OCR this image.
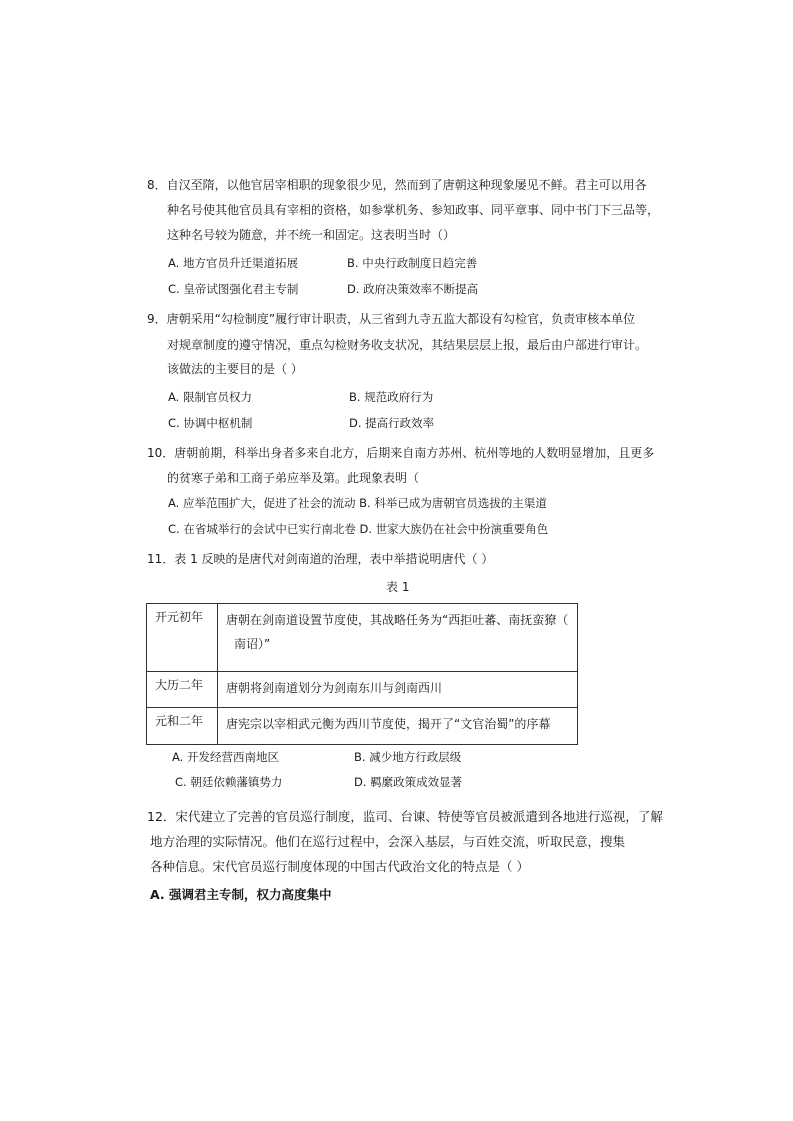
8．自汉至隋，以他官居宰相职的现象很少见，然而到了唐朝这种现象屡见不鲜。君主可以用各
种名号使其他官员具有宰相的资格，如参掌机务、参知政事、同平章事、同中书门下三品等，
这种名号较为随意，并不统一和固定。这表明当时（）
A. 地方官员升迁渠道拓展	B. 中央行政制度日趋完善
C. 皇帝试图强化君主专制	D. 政府决策效率不断提高
9．唐朝采用“勾检制度”履行审计职责，从三省到九寺五监大都设有勾检官，负责审核本单位
对规章制度的遵守情况，重点勾检财务收支状况，其结果层层上报，最后由户部进行审计。
该做法的主要目的是（ ）
A. 限制官员权力	B. 规范政府行为
C. 协调中枢机制	D. 提高行政效率
10．唐朝前期，科举出身者多来自北方，后期来自南方苏州、杭州等地的人数明显增加，且更多
的贫寒子弟和工商子弟应举及第。此现象表明（
A. 应举范围扩大，促进了社会的流动 B. 科举已成为唐朝官员选拔的主渠道
C. 在省城举行的会试中已实行南北卷 D. 世家大族仍在社会中扮演重要角色
11．表 1 反映的是唐代对剑南道的治理，表中举措说明唐代（ ）
表 1
开元初年	唐朝在剑南道设置节度使，其战略任务为“西拒吐蕃、南抚蛮獠（
南诏）”

大历二年	唐朝将剑南道划分为剑南东川与剑南西川

元和二年	唐宪宗以宰相武元衡为西川节度使，揭开了“文官治蜀”的序幕
A. 开发经营西南地区	B. 减少地方行政层级
C. 朝廷依赖藩镇势力	D. 羁縻政策成效显著
12．宋代建立了完善的官员巡行制度，监司、台谏、特使等官员被派遣到各地进行巡视，了解
地方治理的实际情况。他们在巡行过程中，会深入基层，与百姓交流，听取民意，搜集
各种信息。宋代官员巡行制度体现的中国古代政治文化的特点是（ ）
A. 强调君主专制，权力高度集中
